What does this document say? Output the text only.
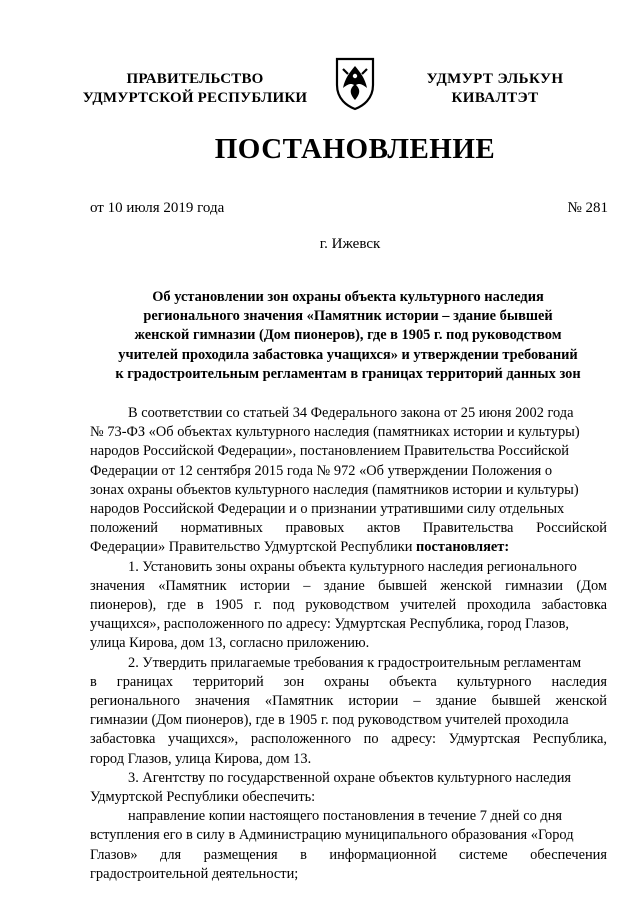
ПРАВИТЕЛЬСТВО
УДМУРТСКОЙ РЕСПУБЛИКИ
УДМУРТ ЭЛЬКУН
КИВАЛТЭТ
ПОСТАНОВЛЕНИЕ
от 10 июля 2019 года	№ 281
г. Ижевск
Об установлении зон охраны объекта культурного наследия
регионального значения «Памятник истории – здание бывшей
женской гимназии (Дом пионеров), где в 1905 г. под руководством
учителей проходила забастовка учащихся» и утверждении требований
к градостроительным регламентам в границах территорий данных зон
В соответствии со статьей 34 Федерального закона от 25 июня 2002 года
№ 73-ФЗ «Об объектах культурного наследия (памятниках истории и культуры)
народов Российской Федерации», постановлением Правительства Российской
Федерации от 12 сентября 2015 года № 972 «Об утверждении Положения о
зонах охраны объектов культурного наследия (памятников истории и культуры)
народов Российской Федерации и о признании утратившими силу отдельных
положений нормативных правовых актов Правительства Российской
Федерации» Правительство Удмуртской Республики постановляет:
1. Установить зоны охраны объекта культурного наследия регионального
значения «Памятник истории – здание бывшей женской гимназии (Дом
пионеров), где в 1905 г. под руководством учителей проходила забастовка
учащихся», расположенного по адресу: Удмуртская Республика, город Глазов,
улица Кирова, дом 13, согласно приложению.
2. Утвердить прилагаемые требования к градостроительным регламентам
в границах территорий зон охраны объекта культурного наследия
регионального значения «Памятник истории – здание бывшей женской
гимназии (Дом пионеров), где в 1905 г. под руководством учителей проходила
забастовка учащихся», расположенного по адресу: Удмуртская Республика,
город Глазов, улица Кирова, дом 13.
3. Агентству по государственной охране объектов культурного наследия
Удмуртской Республики обеспечить:
направление копии настоящего постановления в течение 7 дней со дня
вступления его в силу в Администрацию муниципального образования «Город
Глазов» для размещения в информационной системе обеспечения
градостроительной деятельности;
